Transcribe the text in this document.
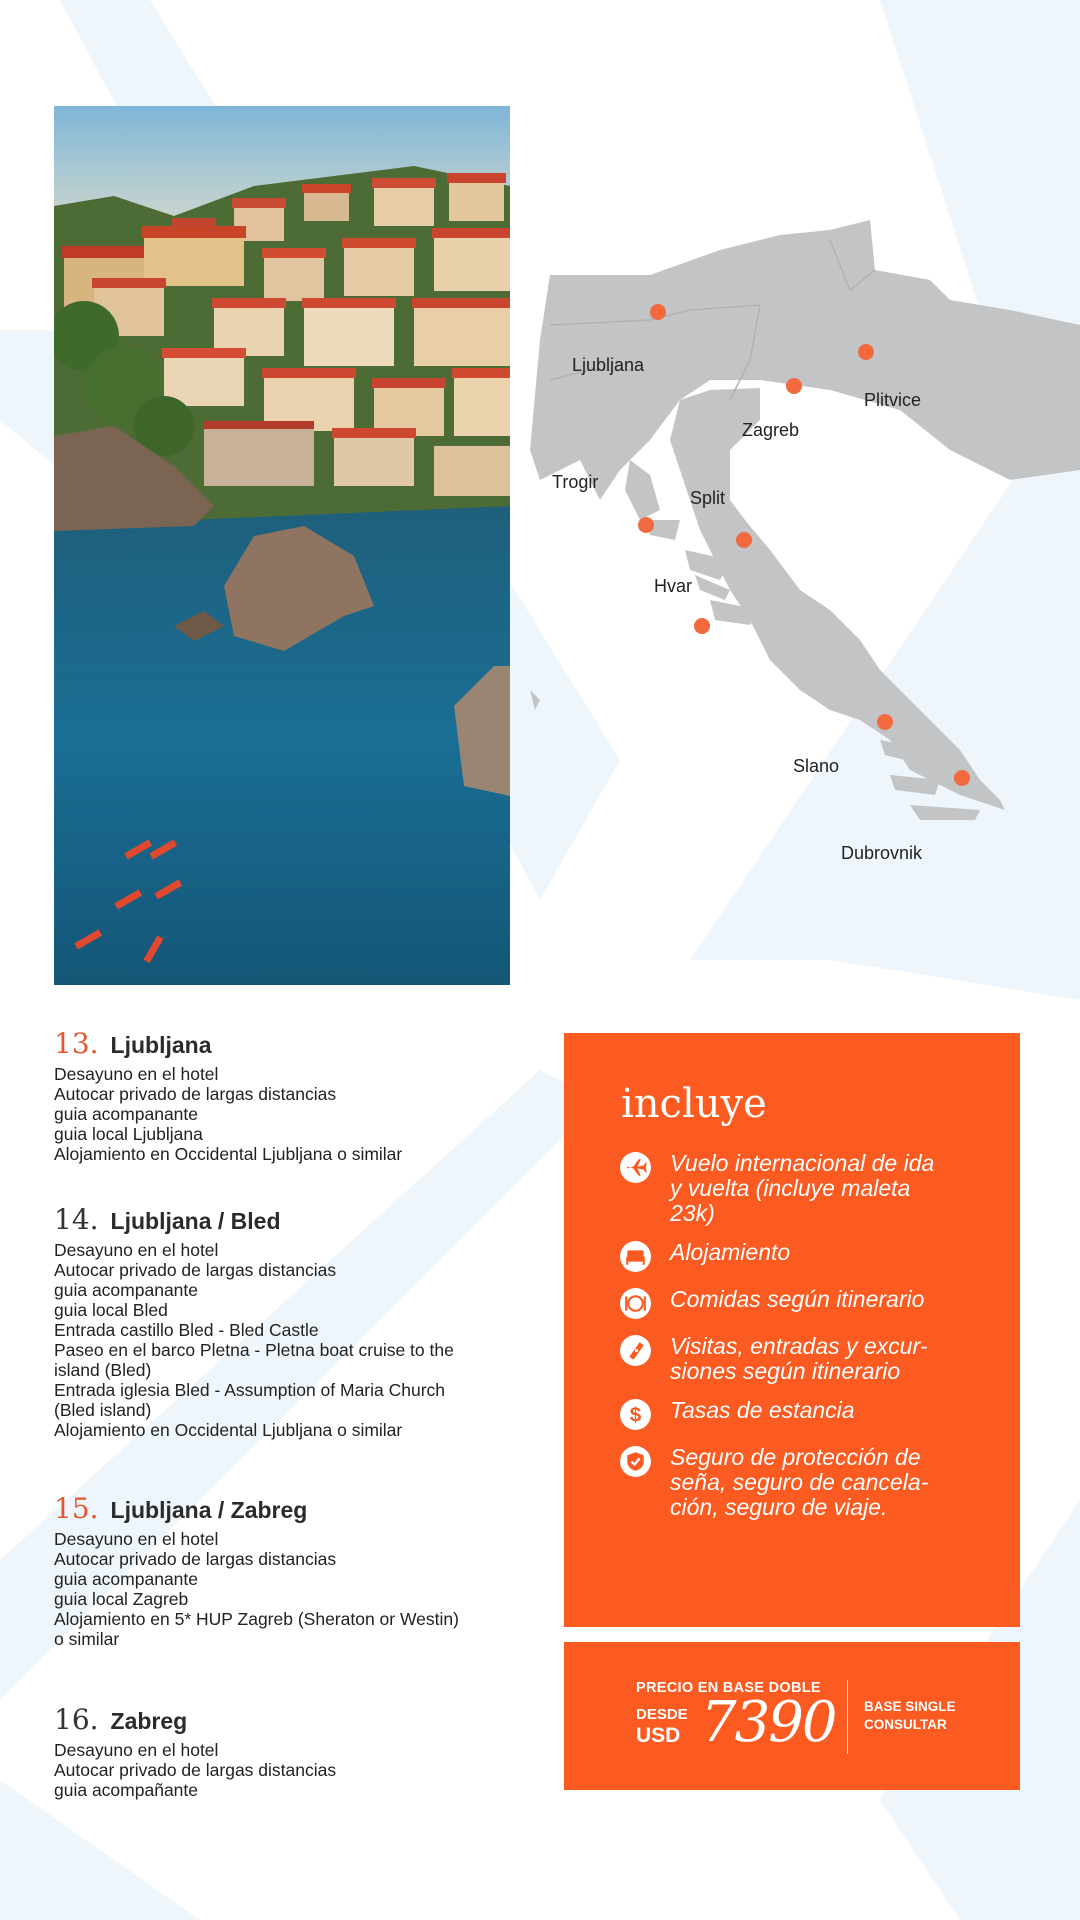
Ljubljana
Plitvice
Zagreb
Trogir
Split
Hvar
Slano
Dubrovnik
13. Ljubljana
Desayuno en el hotel
Autocar privado de largas distancias
guia acompanante
guia local Ljubljana
Alojamiento en Occidental Ljubljana o similar
14. Ljubljana / Bled
Desayuno en el hotel
Autocar privado de largas distancias
guia acompanante
guia local Bled
Entrada castillo Bled - Bled Castle
Paseo en el barco Pletna - Pletna boat cruise to the
island (Bled)
Entrada iglesia Bled - Assumption of Maria Church
(Bled island)
Alojamiento en Occidental Ljubljana o similar
15. Ljubljana / Zabreg
Desayuno en el hotel
Autocar privado de largas distancias
guia acompanante
guia local Zagreb
Alojamiento en 5* HUP Zagreb (Sheraton or Westin)
o similar
16. Zabreg
Desayuno en el hotel
Autocar privado de largas distancias
guia acompañante
incluye
Vuelo internacional de ida
y vuelta (incluye maleta
23k)
Alojamiento
Comidas según itinerario
Visitas, entradas y excur-
siones según itinerario
$ Tasas de estancia
Seguro de protección de
seña, seguro de cancela-
ción, seguro de viaje.
PRECIO EN BASE DOBLE
DESDE
USD 7390 BASE SINGLE
CONSULTAR
